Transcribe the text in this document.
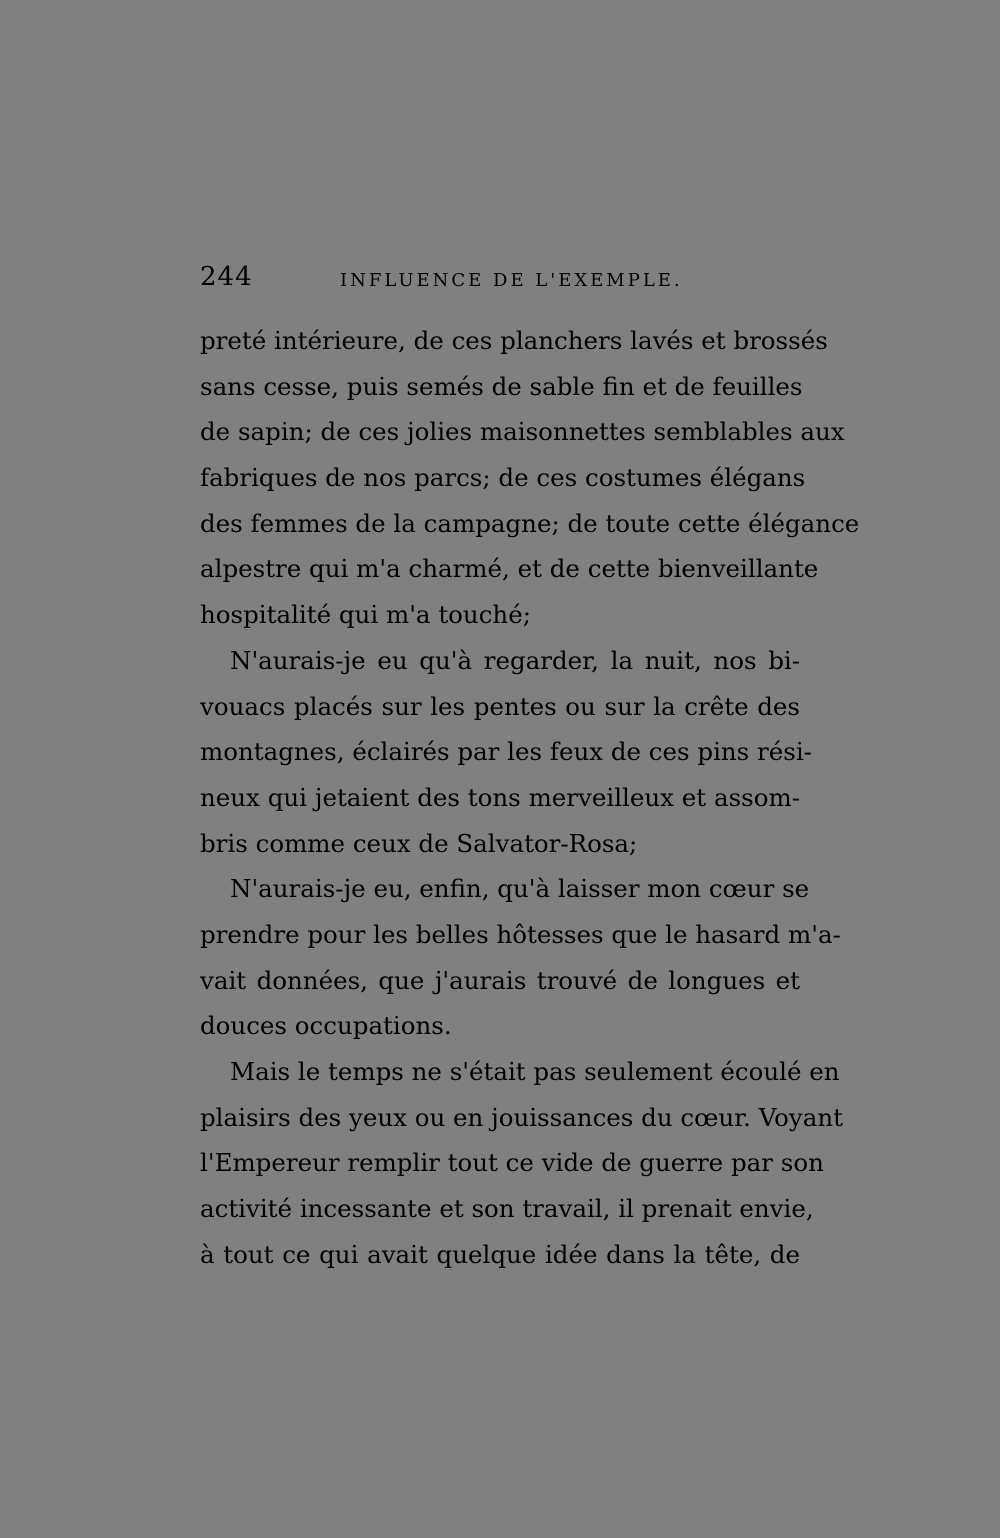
244	INFLUENCE DE L'EXEMPLE.
preté intérieure, de ces planchers lavés et brossés
sans cesse, puis semés de sable fin et de feuilles
de sapin; de ces jolies maisonnettes semblables aux
fabriques de nos parcs; de ces costumes élégans
des femmes de la campagne; de toute cette élégance
alpestre qui m'a charmé, et de cette bienveillante
hospitalité qui m'a touché;
N'aurais-je eu qu'à regarder, la nuit, nos bi-
vouacs placés sur les pentes ou sur la crête des
montagnes, éclairés par les feux de ces pins rési-
neux qui jetaient des tons merveilleux et assom-
bris comme ceux de Salvator-Rosa;
N'aurais-je eu, enfin, qu'à laisser mon cœur se
prendre pour les belles hôtesses que le hasard m'a-
vait données, que j'aurais trouvé de longues et
douces occupations.
Mais le temps ne s'était pas seulement écoulé en
plaisirs des yeux ou en jouissances du cœur. Voyant
l'Empereur remplir tout ce vide de guerre par son
activité incessante et son travail, il prenait envie,
à tout ce qui avait quelque idée dans la tête, de
